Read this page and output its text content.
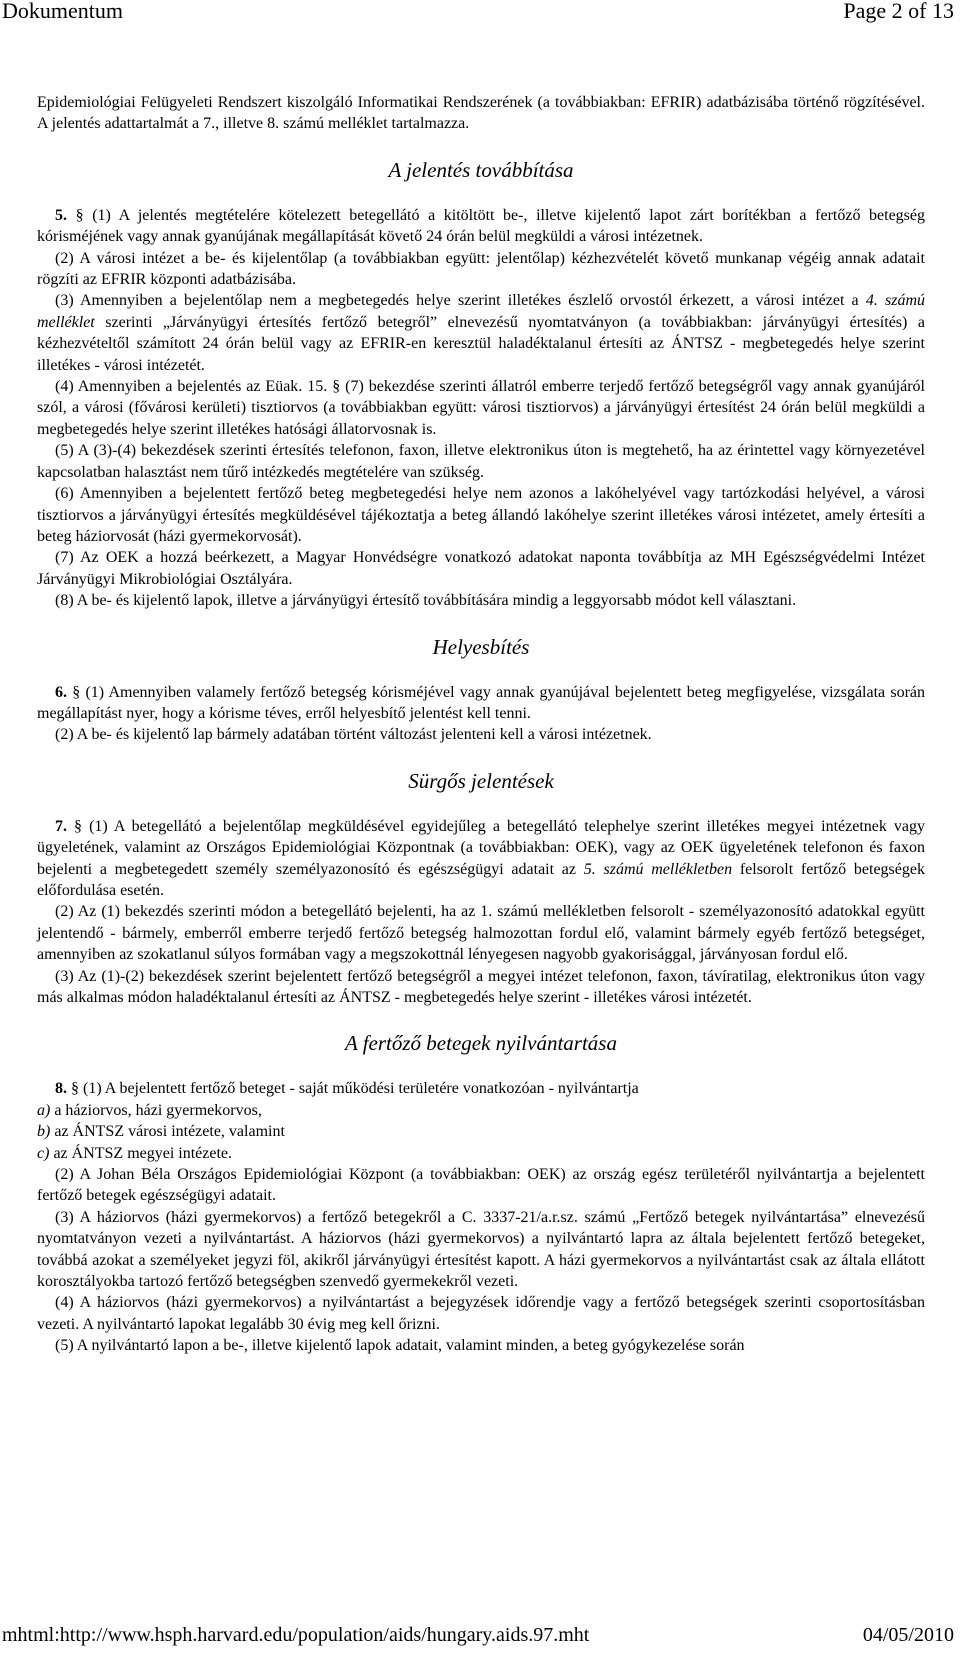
Dokumentum	Page 2 of 13

Epidemiológiai Felügyeleti Rendszert kiszolgáló Informatikai Rendszerének (a továbbiakban: EFRIR) adatbázisába történő rögzítésével. A jelentés adattartalmát a 7., illetve 8. számú melléklet tartalmazza.

A jelentés továbbítása

5. § (1) A jelentés megtételére kötelezett betegellátó a kitöltött be-, illetve kijelentő lapot zárt borítékban a fertőző betegség kórisméjének vagy annak gyanújának megállapítását követő 24 órán belül megküldi a városi intézetnek.

(2) A városi intézet a be- és kijelentőlap (a továbbiakban együtt: jelentőlap) kézhezvételét követő munkanap végéig annak adatait rögzíti az EFRIR központi adatbázisába.

(3) Amennyiben a bejelentőlap nem a megbetegedés helye szerint illetékes észlelő orvostól érkezett, a városi intézet a 4. számú melléklet szerinti „Járványügyi értesítés fertőző betegről” elnevezésű nyomtatványon (a továbbiakban: járványügyi értesítés) a kézhezvételtől számított 24 órán belül vagy az EFRIR-en keresztül haladéktalanul értesíti az ÁNTSZ - megbetegedés helye szerint illetékes - városi intézetét.

(4) Amennyiben a bejelentés az Eüak. 15. § (7) bekezdése szerinti állatról emberre terjedő fertőző betegségről vagy annak gyanújáról szól, a városi (fővárosi kerületi) tisztiorvos (a továbbiakban együtt: városi tisztiorvos) a járványügyi értesítést 24 órán belül megküldi a megbetegedés helye szerint illetékes hatósági állatorvosnak is.

(5) A (3)-(4) bekezdések szerinti értesítés telefonon, faxon, illetve elektronikus úton is megtehető, ha az érintettel vagy környezetével kapcsolatban halasztást nem tűrő intézkedés megtételére van szükség.

(6) Amennyiben a bejelentett fertőző beteg megbetegedési helye nem azonos a lakóhelyével vagy tartózkodási helyével, a városi tisztiorvos a járványügyi értesítés megküldésével tájékoztatja a beteg állandó lakóhelye szerint illetékes városi intézetet, amely értesíti a beteg háziorvosát (házi gyermekorvosát).

(7) Az OEK a hozzá beérkezett, a Magyar Honvédségre vonatkozó adatokat naponta továbbítja az MH Egészségvédelmi Intézet Járványügyi Mikrobiológiai Osztályára.

(8) A be- és kijelentő lapok, illetve a járványügyi értesítő továbbítására mindig a leggyorsabb módot kell választani.

Helyesbítés

6. § (1) Amennyiben valamely fertőző betegség kórisméjével vagy annak gyanújával bejelentett beteg megfigyelése, vizsgálata során megállapítást nyer, hogy a kórisme téves, erről helyesbítő jelentést kell tenni.

(2) A be- és kijelentő lap bármely adatában történt változást jelenteni kell a városi intézetnek.

Sürgős jelentések

7. § (1) A betegellátó a bejelentőlap megküldésével egyidejűleg a betegellátó telephelye szerint illetékes megyei intézetnek vagy ügyeletének, valamint az Országos Epidemiológiai Központnak (a továbbiakban: OEK), vagy az OEK ügyeletének telefonon és faxon bejelenti a megbetegedett személy személyazonosító és egészségügyi adatait az 5. számú mellékletben felsorolt fertőző betegségek előfordulása esetén.

(2) Az (1) bekezdés szerinti módon a betegellátó bejelenti, ha az 1. számú mellékletben felsorolt - személyazonosító adatokkal együtt jelentendő - bármely, emberről emberre terjedő fertőző betegség halmozottan fordul elő, valamint bármely egyéb fertőző betegséget, amennyiben az szokatlanul súlyos formában vagy a megszokottnál lényegesen nagyobb gyakorisággal, járványosan fordul elő.

(3) Az (1)-(2) bekezdések szerint bejelentett fertőző betegségről a megyei intézet telefonon, faxon, távíratilag, elektronikus úton vagy más alkalmas módon haladéktalanul értesíti az ÁNTSZ - megbetegedés helye szerint - illetékes városi intézetét.

A fertőző betegek nyilvántartása

8. § (1) A bejelentett fertőző beteget - saját működési területére vonatkozóan - nyilvántartja

a) a háziorvos, házi gyermekorvos,

b) az ÁNTSZ városi intézete, valamint

c) az ÁNTSZ megyei intézete.

(2) A Johan Béla Országos Epidemiológiai Központ (a továbbiakban: OEK) az ország egész területéről nyilvántartja a bejelentett fertőző betegek egészségügyi adatait.

(3) A háziorvos (házi gyermekorvos) a fertőző betegekről a C. 3337-21/a.r.sz. számú „Fertőző betegek nyilvántartása” elnevezésű nyomtatványon vezeti a nyilvántartást. A háziorvos (házi gyermekorvos) a nyilvántartó lapra az általa bejelentett fertőző betegeket, továbbá azokat a személyeket jegyzi föl, akikről járványügyi értesítést kapott. A házi gyermekorvos a nyilvántartást csak az általa ellátott korosztályokba tartozó fertőző betegségben szenvedő gyermekekről vezeti.

(4) A háziorvos (házi gyermekorvos) a nyilvántartást a bejegyzések időrendje vagy a fertőző betegségek szerinti csoportosításban vezeti. A nyilvántartó lapokat legalább 30 évig meg kell őrizni.

(5) A nyilvántartó lapon a be-, illetve kijelentő lapok adatait, valamint minden, a beteg gyógykezelése során

mhtml:http://www.hsph.harvard.edu/population/aids/hungary.aids.97.mht	04/05/2010
